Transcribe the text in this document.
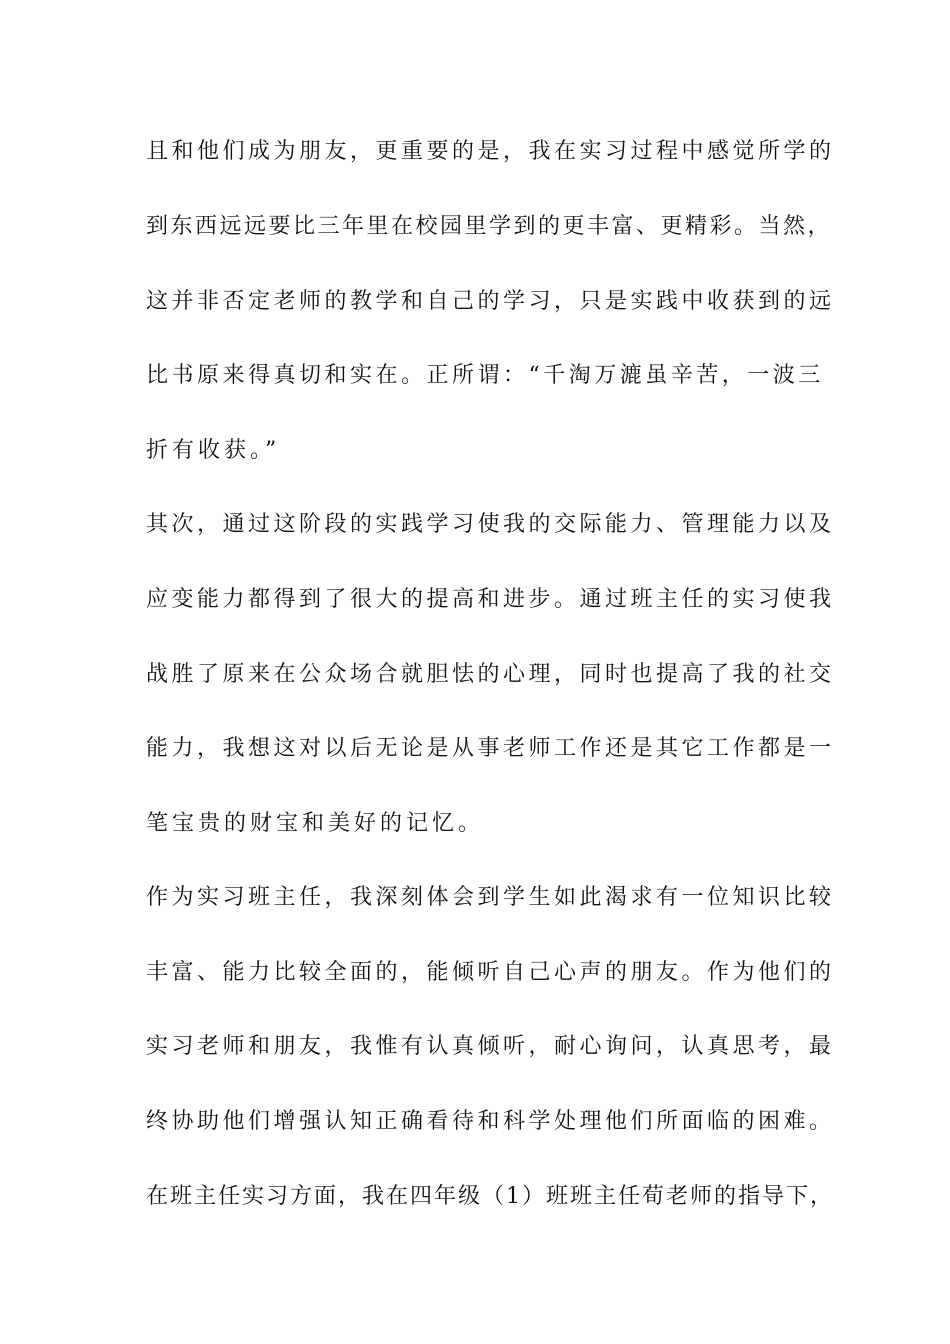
且和他们成为朋友，更重要的是，我在实习过程中感觉所学的
到东西远远要比三年里在校园里学到的更丰富、更精彩。当然，
这并非否定老师的教学和自己的学习，只是实践中收获到的远
比书原来得真切和实在。正所谓：“千淘万漉虽辛苦，一波三
折有收获。”
其次，通过这阶段的实践学习使我的交际能力、管理能力以及
应变能力都得到了很大的提高和进步。通过班主任的实习使我
战胜了原来在公众场合就胆怯的心理，同时也提高了我的社交
能力，我想这对以后无论是从事老师工作还是其它工作都是一
笔宝贵的财宝和美好的记忆。
作为实习班主任，我深刻体会到学生如此渴求有一位知识比较
丰富、能力比较全面的，能倾听自己心声的朋友。作为他们的
实习老师和朋友，我惟有认真倾听，耐心询问，认真思考，最
终协助他们增强认知正确看待和科学处理他们所面临的困难。
在班主任实习方面，我在四年级（1）班班主任荀老师的指导下，
